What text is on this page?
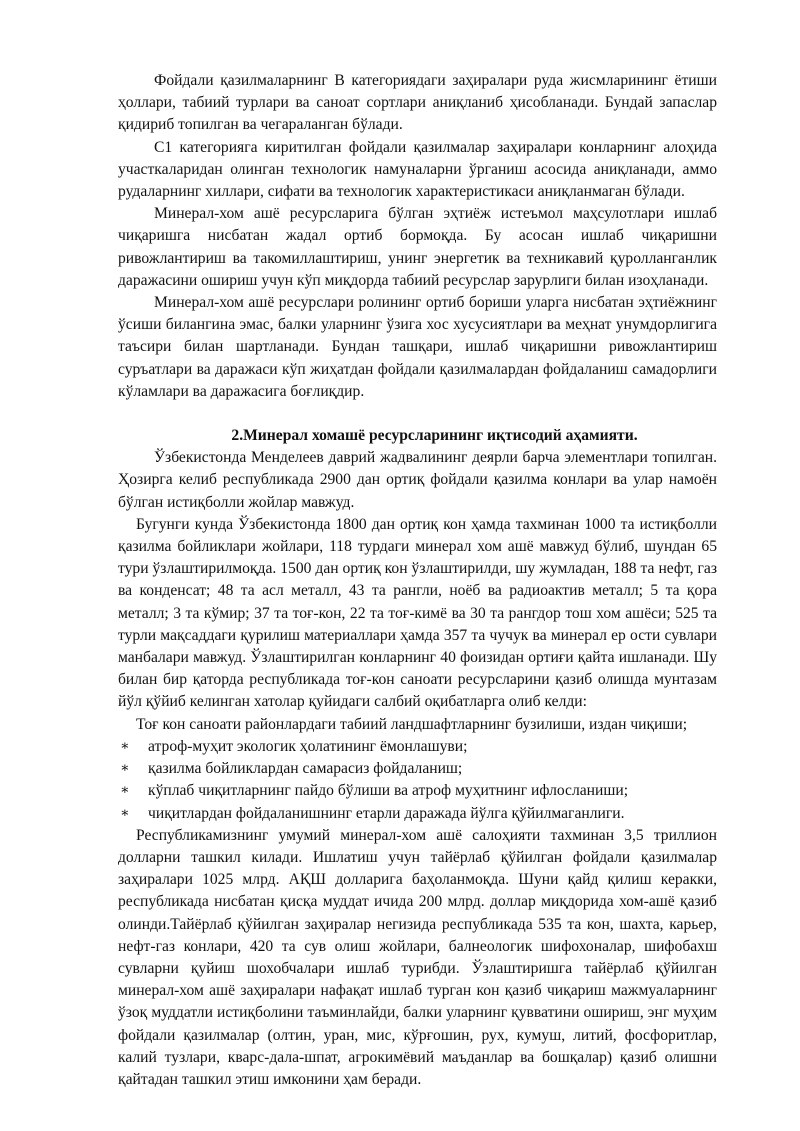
Фойдали қазилмаларнинг B категориядаги заҳиралари руда жисмларининг ётиши ҳоллари, табиий турлари ва саноат сортлари аниқланиб ҳисобланади. Бундай запаслар қидириб топилган ва чегараланган бўлади.

C1 категорияга киритилган фойдали қазилмалар заҳиралари конларнинг алоҳида участкаларидан олинган технологик намуналарни ўрганиш асосида аниқланади, аммо рудаларнинг хиллари, сифати ва технологик характеристикаси аниқланмаган бўлади.

Минерал-хом ашё ресурсларига бўлган эҳтиёж истеъмол маҳсулотлари ишлаб чиқаришга нисбатан жадал ортиб бормоқда. Бу асосан ишлаб чиқаришни ривожлантириш ва такомиллаштириш, унинг энергетик ва техникавий қуролланганлик даражасини ошириш учун кўп миқдорда табиий ресурслар зарурлиги билан изоҳланади.

Минерал-хом ашё ресурслари ролининг ортиб бориши уларга нисбатан эҳтиёжнинг ўсиши билангина эмас, балки уларнинг ўзига хос хусусиятлари ва меҳнат унумдорлигига таъсири билан шартланади. Бундан ташқари, ишлаб чиқаришни ривожлантириш суръатлари ва даражаси кўп жиҳатдан фойдали қазилмалардан фойдаланиш самадорлиги кўламлари ва даражасига боғлиқдир.

2.Минерал хомашё ресурсларининг иқтисодий аҳамияти.

Ўзбекистонда Менделеев даврий жадвалининг деярли барча элементлари топилган. Ҳозирга келиб республикада 2900 дан ортиқ фойдали қазилма конлари ва улар намоён бўлган истиқболли жойлар мавжуд.

Бугунги кунда Ўзбекистонда 1800 дан ортиқ кон ҳамда тахминан 1000 та истиқболли қазилма бойликлари жойлари, 118 турдаги минерал хом ашё мавжуд бўлиб, шундан 65 тури ўзлаштирилмоқда. 1500 дан ортиқ кон ўзлаштирилди, шу жумладан, 188 та нефт, газ ва конденсат; 48 та асл металл, 43 та рангли, ноёб ва радиоактив металл; 5 та қора металл; 3 та кўмир; 37 та тоғ-кон, 22 та тоғ-кимё ва 30 та рангдор тош хом ашёси; 525 та турли мақсаддаги қурилиш материаллари ҳамда 357 та чучук ва минерал ер ости сувлари манбалари мавжуд. Ўзлаштирилган конларнинг 40 фоизидан ортиғи қайта ишланади. Шу билан бир қаторда республикада тоғ-кон саноати ресурсларини қазиб олишда мунтазам йўл қўйиб келинган хатолар қуйидаги салбий оқибатларга олиб келди:

Тоғ кон саноати районлардаги табиий ландшафтларнинг бузилиши, издан чиқиши;

∗ атроф-муҳит экологик ҳолатининг ёмонлашуви;
∗ қазилма бойликлардан самарасиз фойдаланиш;
∗ кўплаб чиқитларнинг пайдо бўлиши ва атроф муҳитнинг ифлосланиши;
∗ чиқитлардан фойдаланишнинг етарли даражада йўлга қўйилмаганлиги.

Республикамизнинг умумий минерал-хом ашё салоҳияти тахминан 3,5 триллион долларни ташкил килади. Ишлатиш учун тайёрлаб қўйилган фойдали қазилмалар заҳиралари 1025 млрд. АҚШ долларига баҳоланмоқда. Шуни қайд қилиш керакки, республикада нисбатан қисқа муддат ичида 200 млрд. доллар миқдорида хом-ашё қазиб олинди.Тайёрлаб қўйилган заҳиралар негизида республикада 535 та кон, шахта, карьер, нефт-газ конлари, 420 та сув олиш жойлари, балнеологик шифохоналар, шифобахш сувларни қуйиш шохобчалари ишлаб турибди. Ўзлаштиришга тайёрлаб қўйилган минерал-хом ашё заҳиралари нафақат ишлаб турган кон қазиб чиқариш мажмуаларнинг ўзоқ муддатли истиқболини таъминлайди, балки уларнинг қувватини ошириш, энг муҳим фойдали қазилмалар (олтин, уран, мис, кўрғошин, рух, кумуш, литий, фосфоритлар, калий тузлари, кварс-дала-шпат, агрокимёвий маъданлар ва бошқалар) қазиб олишни қайтадан ташкил этиш имконини ҳам беради.
